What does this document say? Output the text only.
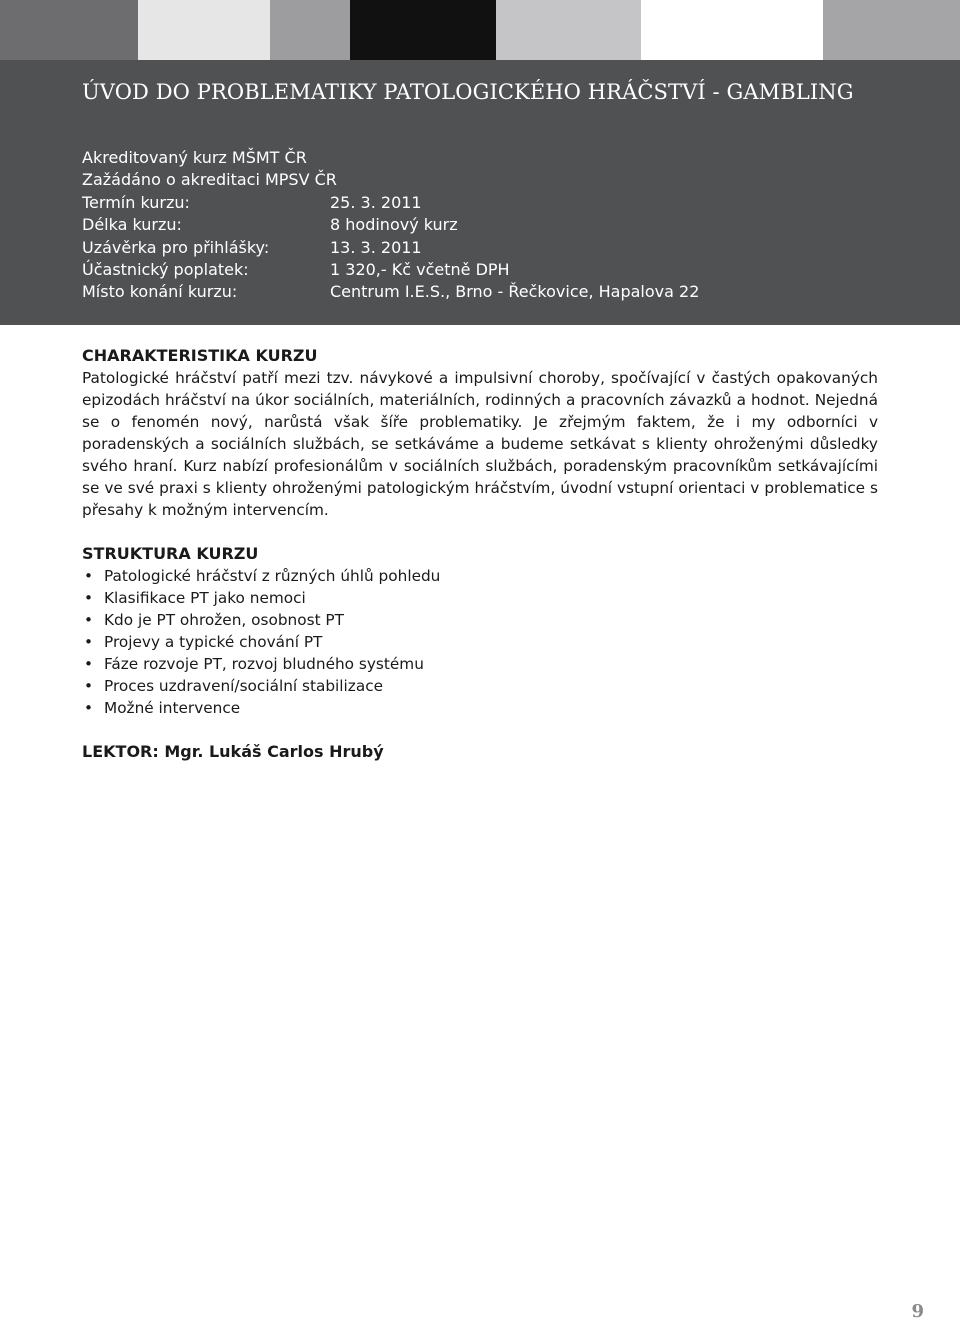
ÚVOD DO PROBLEMATIKY PATOLOGICKÉHO HRÁČSTVÍ - GAMBLING
Akreditovaný kurz MŠMT ČR
Zažádáno o akreditaci MPSV ČR
Termín kurzu:	25. 3. 2011
Délka kurzu:	8 hodinový kurz
Uzávěrka pro přihlášky:	13. 3. 2011
Účastnický poplatek:	1 320,- Kč včetně DPH
Místo konání kurzu:	Centrum I.E.S., Brno - Řečkovice, Hapalova 22
CHARAKTERISTIKA KURZU

Patologické hráčství patří mezi tzv. návykové a impulsivní choroby, spočívající v častých opakovaných epizodách hráčství na úkor sociálních, materiálních, rodinných a pracovních závazků a hodnot. Nejedná se o fenomén nový, narůstá však šíře problematiky. Je zřejmým faktem, že i my odborníci v poradenských a sociálních službách, se setkáváme a budeme setkávat s klienty ohroženými důsledky svého hraní. Kurz nabízí profesionálům v sociálních službách, poradenským pracovníkům setkávajícími se ve své praxi s klienty ohroženými patologickým hráčstvím, úvodní vstupní orientaci v problematice s přesahy k možným intervencím.

STRUKTURA KURZU
• Patologické hráčství z různých úhlů pohledu
• Klasifikace PT jako nemoci
• Kdo je PT ohrožen, osobnost PT
• Projevy a typické chování PT
• Fáze rozvoje PT, rozvoj bludného systému
• Proces uzdravení/sociální stabilizace
• Možné intervence

LEKTOR: Mgr. Lukáš Carlos Hrubý

9
